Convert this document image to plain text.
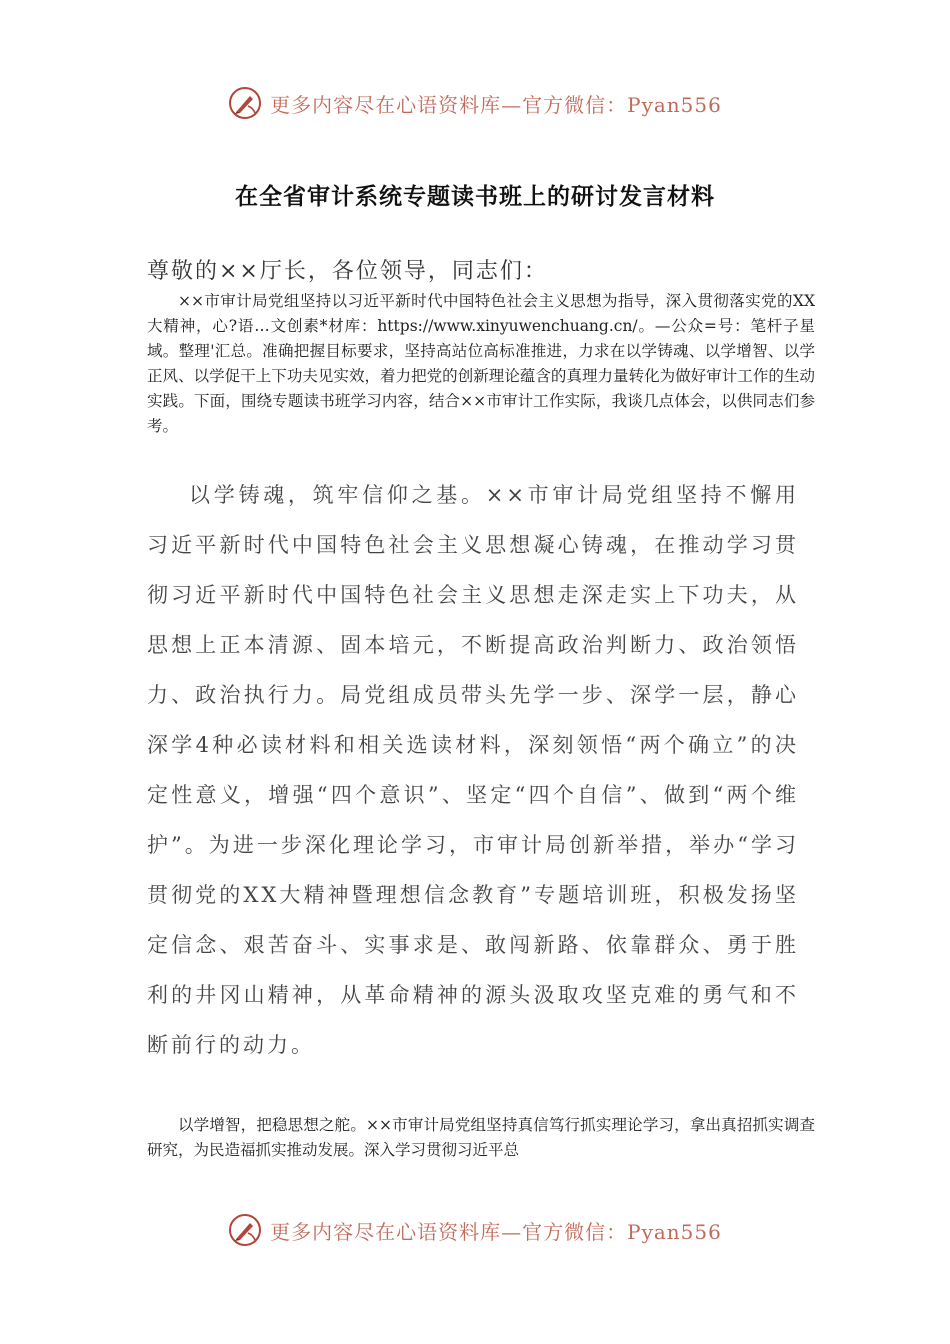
更多内容尽在心语资料库—官方微信：Pyan556
在全省审计系统专题读书班上的研讨发言材料
尊敬的××厅长，各位领导，同志们：

××市审计局党组坚持以习近平新时代中国特色社会主义思想为指导，深入贯彻落实党的XX大精神，心?语…文创素*材库：https://www.xinyuwenchuang.cn/。—公众=号：笔杆子星域。整理'汇总。准确把握目标要求，坚持高站位高标准推进，力求在以学铸魂、以学增智、以学正风、以学促干上下功夫见实效，着力把党的创新理论蕴含的真理力量转化为做好审计工作的生动实践。下面，围绕专题读书班学习内容，结合××市审计工作实际，我谈几点体会，以供同志们参考。

以学铸魂，筑牢信仰之基。××市审计局党组坚持不懈用习近平新时代中国特色社会主义思想凝心铸魂，在推动学习贯彻习近平新时代中国特色社会主义思想走深走实上下功夫，从思想上正本清源、固本培元，不断提高政治判断力、政治领悟力、政治执行力。局党组成员带头先学一步、深学一层，静心深学4种必读材料和相关选读材料，深刻领悟“两个确立”的决定性意义，增强“四个意识”、坚定“四个自信”、做到“两个维护”。为进一步深化理论学习，市审计局创新举措，举办“学习贯彻党的XX大精神暨理想信念教育”专题培训班，积极发扬坚定信念、艰苦奋斗、实事求是、敢闯新路、依靠群众、勇于胜利的井冈山精神，从革命精神的源头汲取攻坚克难的勇气和不断前行的动力。

以学增智，把稳思想之舵。××市审计局党组坚持真信笃行抓实理论学习，拿出真招抓实调查研究，为民造福抓实推动发展。深入学习贯彻习近平总

更多内容尽在心语资料库—官方微信：Pyan556
